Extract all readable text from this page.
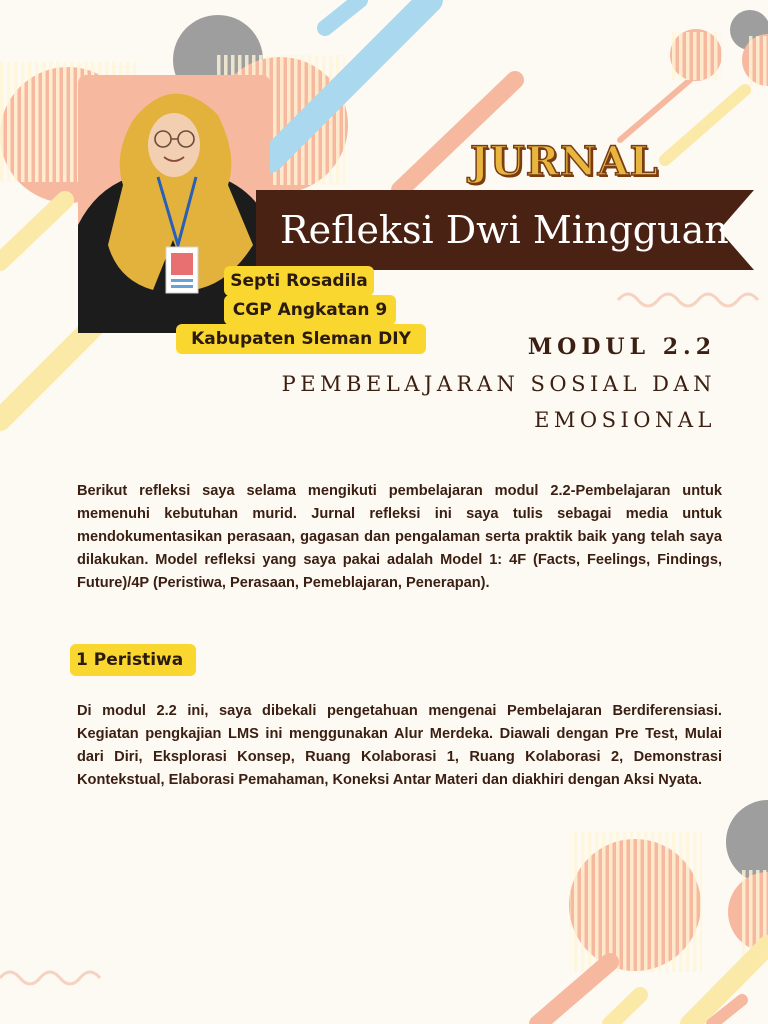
JURNAL
Refleksi Dwi Mingguan
Septi Rosadila
CGP Angkatan 9
Kabupaten Sleman DIY	MODUL 2.2
PEMBELAJARAN SOSIAL DAN
EMOSIONAL

Berikut refleksi saya selama mengikuti pembelajaran modul 2.2-Pembelajaran untuk memenuhi kebutuhan murid. Jurnal refleksi ini saya tulis sebagai media untuk mendokumentasikan perasaan, gagasan dan pengalaman serta praktik baik yang telah saya dilakukan. Model refleksi yang saya pakai adalah Model 1: 4F (Facts, Feelings, Findings, Future)/4P (Peristiwa, Perasaan, Pemeblajaran, Penerapan).

1 Peristiwa

Di modul 2.2 ini, saya dibekali pengetahuan mengenai Pembelajaran Berdiferensiasi. Kegiatan pengkajian LMS ini menggunakan Alur Merdeka. Diawali dengan Pre Test, Mulai dari Diri, Eksplorasi Konsep, Ruang Kolaborasi 1, Ruang Kolaborasi 2, Demonstrasi Kontekstual, Elaborasi Pemahaman, Koneksi Antar Materi dan diakhiri dengan Aksi Nyata.
